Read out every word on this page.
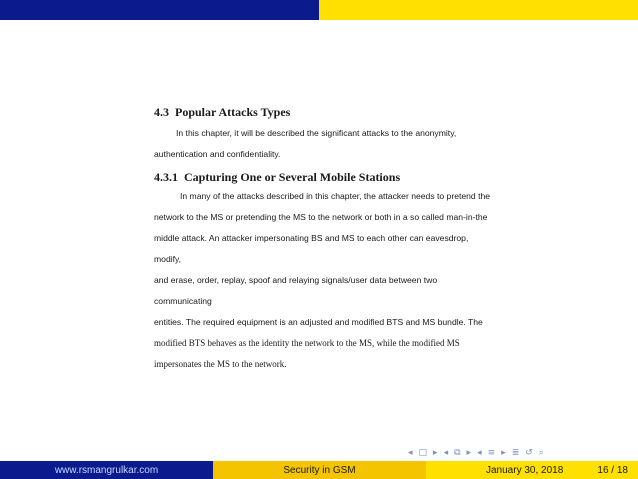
4.3 Popular Attacks Types
In this chapter, it will be described the significant attacks to the anonymity,
authentication and confidentiality.
4.3.1 Capturing One or Several Mobile Stations
In many of the attacks described in this chapter, the attacker needs to pretend the
network to the MS or pretending the MS to the network or both in a so called man-in-the
middle attack. An attacker impersonating BS and MS to each other can eavesdrop, modify,
and erase, order, replay, spoof and relaying signals/user data between two communicating
entities. The required equipment is an adjusted and modified BTS and MS bundle. The
modified BTS behaves as the identity the network to the MS, while the modified MS
impersonates the MS to the network.
◂ □ ▸ ◂ ⧉ ▸ ◂ ≡ ▸ ≣ ↺ ⌕
www.rsmangrulkar.com	Security in GSM	January 30, 2018	16 / 18
